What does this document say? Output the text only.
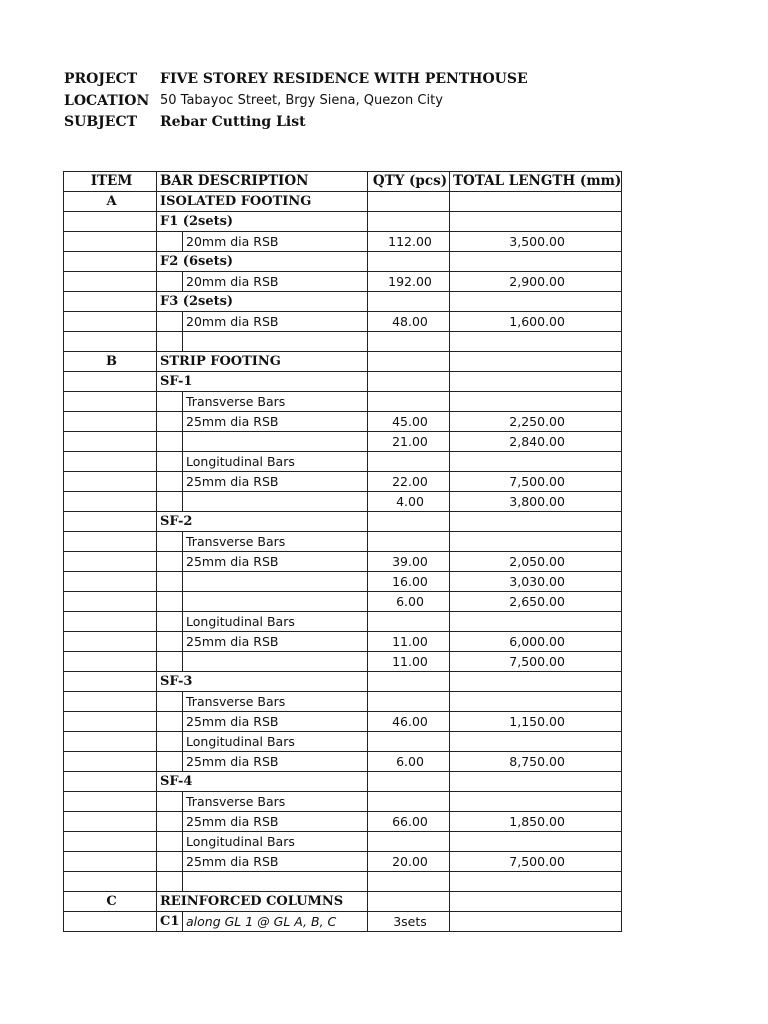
PROJECT FIVE STOREY RESIDENCE WITH PENTHOUSE
LOCATION 50 Tabayoc Street, Brgy Siena, Quezon City
SUBJECT Rebar Cutting List
ITEM	BAR DESCRIPTION		QTY (pcs)	TOTAL LENGTH (mm)
A	ISOLATED FOOTING			
	F1 (2sets)			
		20mm dia RSB	112.00	3,500.00
	F2 (6sets)			
		20mm dia RSB	192.00	2,900.00
	F3 (2sets)			
		20mm dia RSB	48.00	1,600.00

B	STRIP FOOTING			
	SF-1			
		Transverse Bars		
		25mm dia RSB	45.00	2,250.00
			21.00	2,840.00
		Longitudinal Bars		
		25mm dia RSB	22.00	7,500.00
			4.00	3,800.00
	SF-2			
		Transverse Bars		
		25mm dia RSB	39.00	2,050.00
			16.00	3,030.00
			6.00	2,650.00
		Longitudinal Bars		
		25mm dia RSB	11.00	6,000.00
			11.00	7,500.00
	SF-3			
		Transverse Bars		
		25mm dia RSB	46.00	1,150.00
		Longitudinal Bars		
		25mm dia RSB	6.00	8,750.00
	SF-4			
		Transverse Bars		
		25mm dia RSB	66.00	1,850.00
		Longitudinal Bars		
		25mm dia RSB	20.00	7,500.00

C	REINFORCED COLUMNS			
	C1	along GL 1 @ GL A, B, C	3sets	
